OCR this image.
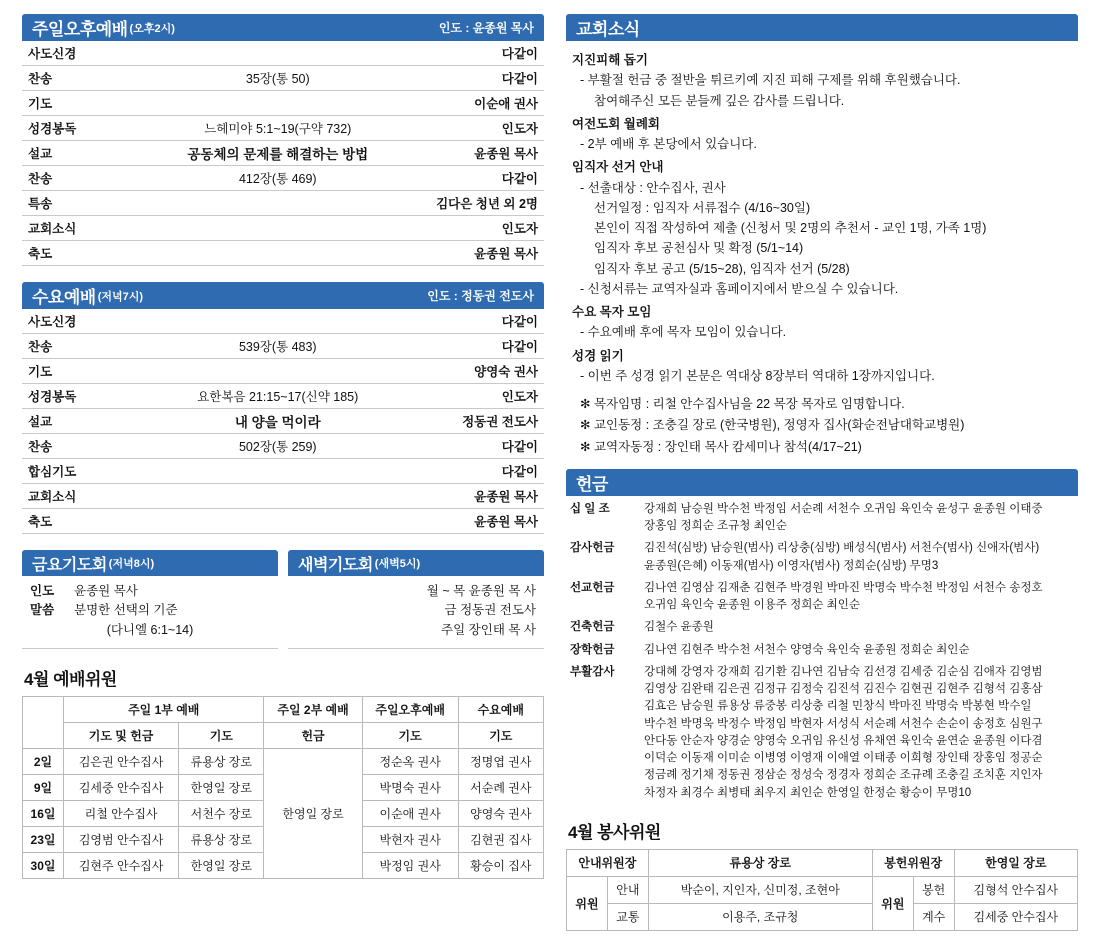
주일오후예배 (오후2시)	인도 : 윤종원 목사
사도신경		다같이
찬송	35장(통 50)	다같이
기도		이순애 권사
성경봉독	느헤미야 5:1~19(구약 732)	인도자
설교	공동체의 문제를 해결하는 방법	윤종원 목사
찬송	412장(통 469)	다같이
특송		김다은 청년 외 2명
교회소식		인도자
축도		윤종원 목사
수요예배 (저녁7시)	인도 : 정동권 전도사
사도신경		다같이
찬송	539장(통 483)	다같이
기도		양영숙 권사
성경봉독	요한복음 21:15~17(신약 185)	인도자
설교	내 양을 먹이라	정동권 전도사
찬송	502장(통 259)	다같이
합심기도		다같이
교회소식		윤종원 목사
축도		윤종원 목사
금요기도회 (저녁8시)
인도	윤종원 목사
말씀	분명한 선택의 기준
(다니엘 6:1~14)
새벽기도회 (새벽5시)
월 ~ 목 윤종원 목 사
금 정동권 전도사
주일 장인태 목 사
4월 예배위원
	주일 1부 예배		주일 2부 예배	주일오후예배	수요예배
	기도 및 헌금	기도	헌금	기도	기도
2일	김은권 안수집사	류용상 장로	한영일 장로	정순옥 권사	정명엽 권사
9일	김세중 안수집사	한영일 장로		박명숙 권사	서순례 권사
16일	리철 안수집사	서천수 장로		이순애 권사	양영숙 권사
23일	김영범 안수집사	류용상 장로		박현자 권사	김현권 집사
30일	김현주 안수집사	한영일 장로		박정임 권사	황승이 집사
교회소식
지진피해 돕기
- 부활절 헌금 중 절반을 튀르키예 지진 피해 구제를 위해 후원했습니다.
참여해주신 모든 분들께 깊은 감사를 드립니다.
여전도회 월례회
- 2부 예배 후 본당에서 있습니다.
임직자 선거 안내
- 선출대상 : 안수집사, 권사
선거일정 : 임직자 서류접수 (4/16~30일)
본인이 직접 작성하여 제출 (신청서 및 2명의 추천서 - 교인 1명, 가족 1명)
임직자 후보 공천심사 및 확정 (5/1~14)
임직자 후보 공고 (5/15~28), 임직자 선거 (5/28)
- 신청서류는 교역자실과 홈페이지에서 받으실 수 있습니다.
수요 목자 모임
- 수요예배 후에 목자 모임이 있습니다.
성경 읽기
- 이번 주 성경 읽기 본문은 역대상 8장부터 역대하 1장까지입니다.
✻ 목자임명 : 리철 안수집사님을 22 목장 목자로 임명합니다.
✻ 교인동정 : 조충길 장로 (한국병원), 정영자 집사(화순전남대학교병원)
✻ 교역자동정 : 장인태 목사 캄세미나 참석(4/17~21)
헌금
십 일 조	강재희 남승원 박수천 박정임 서순례 서천수 오귀임 육인숙 윤성구 윤종원 이태중
장홍임 정희순 조규청 최인순
감사헌금	김진석(심방) 남승원(범사) 리상충(심방) 배성식(범사) 서천수(범사) 신애자(범사)
윤종원(은혜) 이동재(범사) 이영자(범사) 정희순(심방) 무명3
선교헌금	김나연 김영삼 김재춘 김현주 박경원 박마진 박명숙 박수천 박정임 서천수 송정호
오귀임 육인숙 윤종원 이용주 정희순 최인순
건축헌금	김철수 윤종원
장학헌금	김나연 김현주 박수천 서천수 양영숙 육인숙 윤종원 정희순 최인순
부활감사	강대혜 강영자 강재희 김기환 김나연 김남숙 김선경 김세중 김순심 김애자 김영범
김영상 김완태 김은권 김정규 김정숙 김진석 김진수 김현권 김현주 김형석 김홍삼
김효은 남승원 류용상 류중봉 리상충 리철 민창식 박마진 박명숙 박봉현 박수일
박수천 박명욱 박정수 박정임 박현자 서성식 서순례 서천수 손순이 송정호 심원구
안다동 안순자 양경순 양영숙 오귀임 유신성 유채연 육인숙 윤연순 윤종원 이다겸
이덕순 이동재 이미순 이병영 이영재 이애열 이태종 이희형 장인태 장홍임 정공순
정금례 정기채 정동권 정삼순 정성숙 정경자 정희순 조규례 조충길 조치훈 지인자
차정자 최경수 최병태 최우지 최인순 한영일 한정순 황승이 무명10
4월 봉사위원
안내위원장		류용상 장로	봉헌위원장		한영일 장로
위원	안내	박순이, 지인자, 신미정, 조현아	위원	봉헌	김형석 안수집사
	교통	이용주, 조규청		계수	김세중 안수집사
